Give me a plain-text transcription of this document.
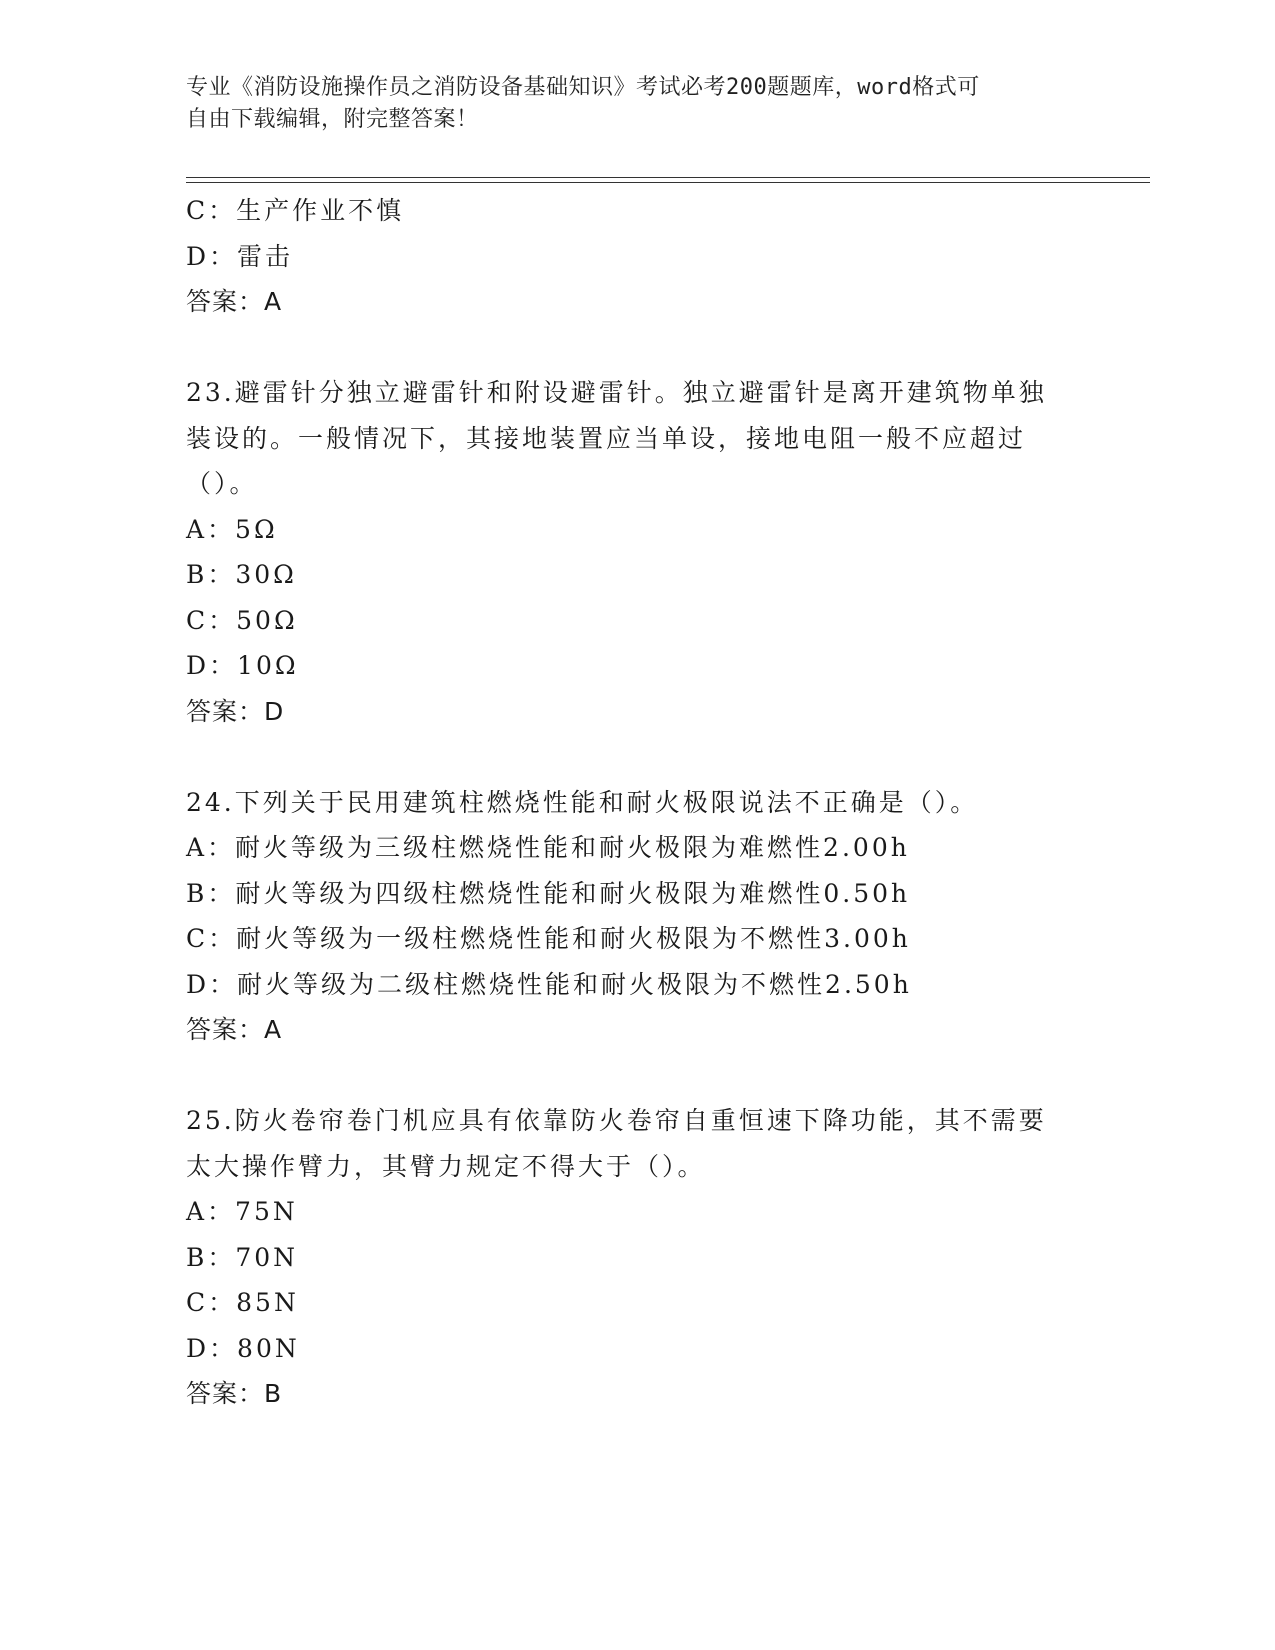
专业《消防设施操作员之消防设备基础知识》考试必考200题题库，word格式可
自由下载编辑，附完整答案！
C：生产作业不慎
D：雷击
答案：A
23.避雷针分独立避雷针和附设避雷针。独立避雷针是离开建筑物单独
装设的。一般情况下，其接地装置应当单设，接地电阻一般不应超过
（）。
A：5Ω
B：30Ω
C：50Ω
D：10Ω
答案：D
24.下列关于民用建筑柱燃烧性能和耐火极限说法不正确是（）。
A：耐火等级为三级柱燃烧性能和耐火极限为难燃性2.00h
B：耐火等级为四级柱燃烧性能和耐火极限为难燃性0.50h
C：耐火等级为一级柱燃烧性能和耐火极限为不燃性3.00h
D：耐火等级为二级柱燃烧性能和耐火极限为不燃性2.50h
答案：A
25.防火卷帘卷门机应具有依靠防火卷帘自重恒速下降功能，其不需要
太大操作臂力，其臂力规定不得大于（）。
A：75N
B：70N
C：85N
D：80N
答案：B
